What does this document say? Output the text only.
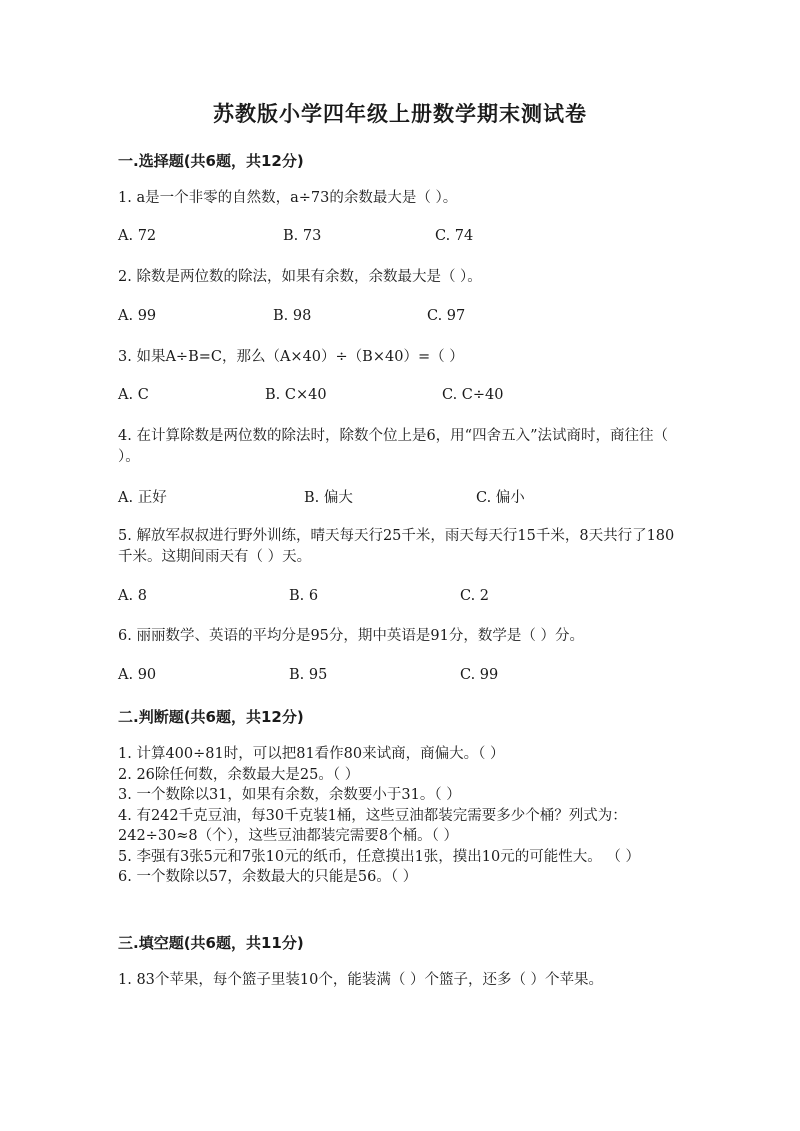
苏教版小学四年级上册数学期末测试卷
一.选择题(共6题，共12分)
1. a是一个非零的自然数，a÷73的余数最大是（ ）。
A. 72	B. 73	C. 74
2. 除数是两位数的除法，如果有余数，余数最大是（ ）。
A. 99	B. 98	C. 97
3. 如果A÷B=C，那么（A×40）÷（B×40）=（ ）
A. C	B. C×40	C. C÷40
4. 在计算除数是两位数的除法时，除数个位上是6，用“四舍五入”法试商时，商往往（ ）。
A. 正好	B. 偏大	C. 偏小
5. 解放军叔叔进行野外训练，晴天每天行25千米，雨天每天行15千米，8天共行了180千米。这期间雨天有（ ）天。
A. 8	B. 6	C. 2
6. 丽丽数学、英语的平均分是95分，期中英语是91分，数学是（ ）分。
A. 90	B. 95	C. 99
二.判断题(共6题，共12分)
1. 计算400÷81时，可以把81看作80来试商，商偏大。（ ）
2. 26除任何数，余数最大是25。（ ）
3. 一个数除以31，如果有余数，余数要小于31。（ ）
4. 有242千克豆油，每30千克装1桶，这些豆油都装完需要多少个桶？列式为：242÷30≈8（个），这些豆油都装完需要8个桶。（ ）
5. 李强有3张5元和7张10元的纸币，任意摸出1张，摸出10元的可能性大。 （ ）
6. 一个数除以57，余数最大的只能是56。（ ）
三.填空题(共6题，共11分)
1. 83个苹果，每个篮子里装10个，能装满（ ）个篮子，还多（ ）个苹果。
